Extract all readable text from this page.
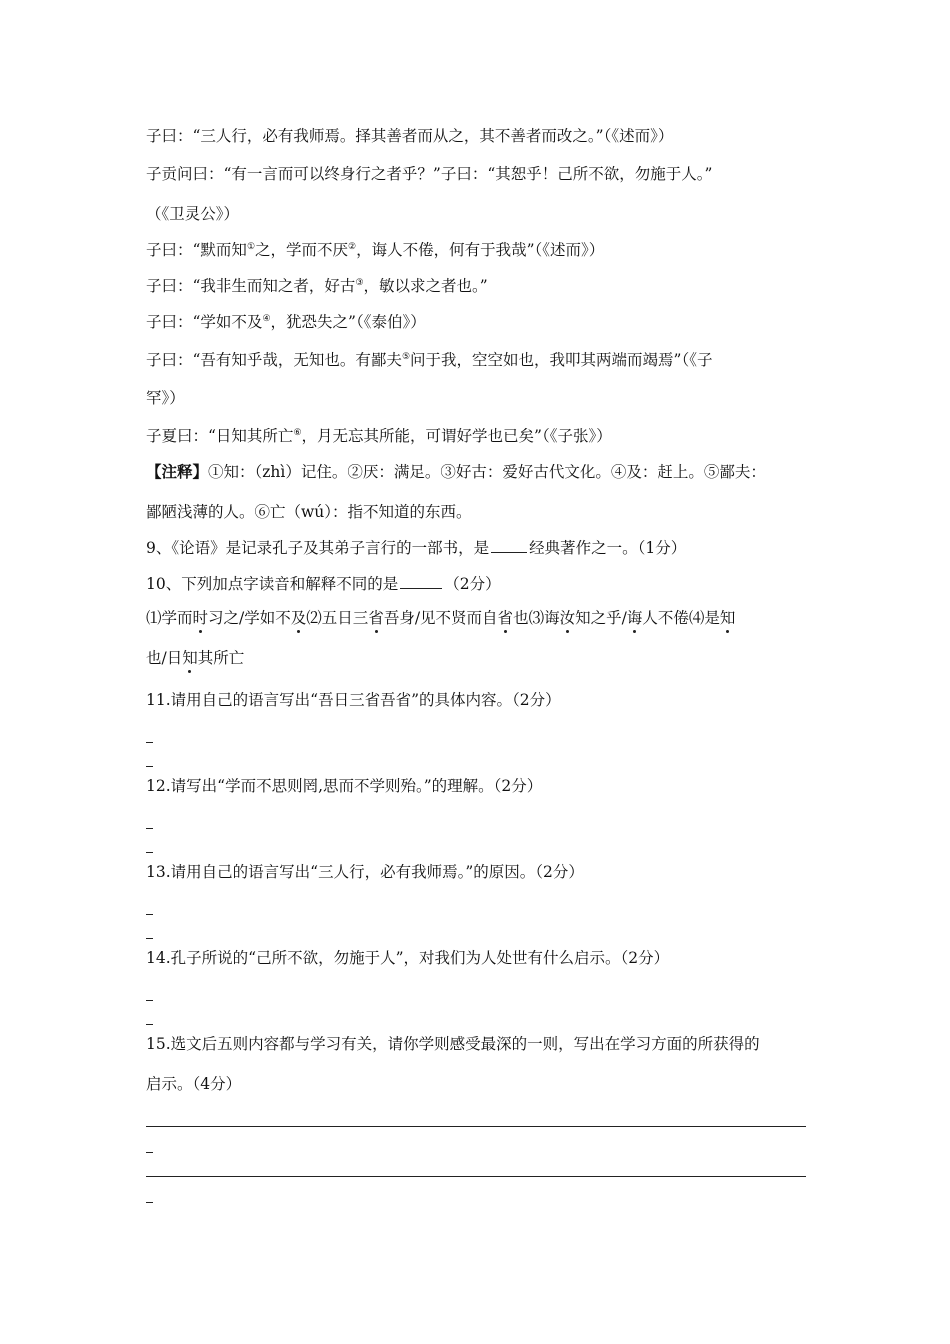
子曰：“三人行，必有我师焉。择其善者而从之，其不善者而改之。”（《述而》）
子贡问曰：“有一言而可以终身行之者乎？”子曰：“其恕乎！己所不欲，勿施于人。”
（《卫灵公》）
子曰：“默而知①之，学而不厌②，诲人不倦，何有于我哉”（《述而》）
子曰：“我非生而知之者，好古③，敏以求之者也。”
子曰：“学如不及④，犹恐失之”（《泰伯》）
子曰：“吾有知乎哉，无知也。有鄙夫⑤问于我，空空如也，我叩其两端而竭焉”（《子
罕》）
子夏曰：“日知其所亡⑥，月无忘其所能，可谓好学也已矣”（《子张》）
【注释】①知：（zhì）记住。②厌：满足。③好古：爱好古代文化。④及：赶上。⑤鄙夫：
鄙陋浅薄的人。⑥亡（wú）：指不知道的东西。
9、《论语》是记录孔子及其弟子言行的一部书，是	经典著作之一。（1分）
10、下列加点字读音和解释不同的是	（2分）
⑴学而时习之/学如不及⑵五日三省吾身/见不贤而自省也⑶诲汝知之乎/诲人不倦⑷是知
也/日知其所亡
11.请用自己的语言写出“吾日三省吾省”的具体内容。（2分）
12.请写出“学而不思则罔,思而不学则殆。”的理解。（2分）
13.请用自己的语言写出“三人行，必有我师焉。”的原因。（2分）
14.孔子所说的“己所不欲，勿施于人”，对我们为人处世有什么启示。（2分）
15.选文后五则内容都与学习有关，请你学则感受最深的一则，写出在学习方面的所获得的
启示。（4分）
